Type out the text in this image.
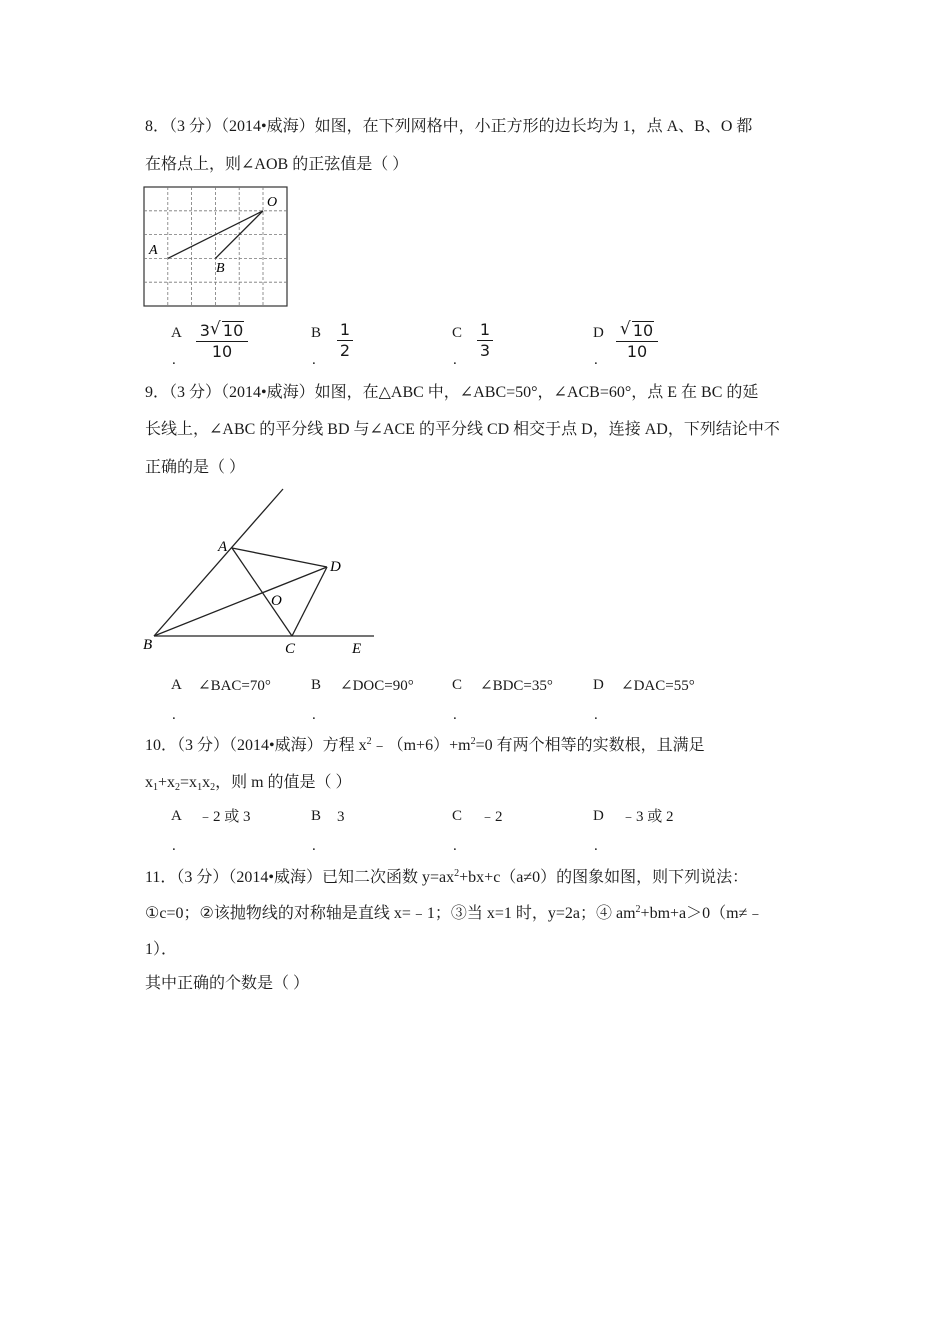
8．（3 分）（2014•威海）如图，在下列网格中，小正方形的边长均为 1，点 A、B、O 都
在格点上，则∠AOB 的正弦值是（ ）
O
A
B
A
.
3 √ 10
10
B
.
1
2
C
.
1
3
D
.
√ 10
10
9．（3 分）（2014•威海）如图，在△ABC 中，∠ABC=50°，∠ACB=60°，点 E 在 BC 的延
长线上，∠ABC 的平分线 BD 与∠ACE 的平分线 CD 相交于点 D，连接 AD，下列结论中不
正确的是（ ）
A
B	C
D
E
O
A
.
∠BAC=70°	B
.
∠DOC=90°	C
.
∠BDC=35°	D
.
∠DAC=55°
10．（3 分）（2014•威海）方程 $x^2﹣(m+6)+m^2=0$ 有两个相等的实数根，且满足
$x_1+x_2=x_1x_2$，则 m 的值是（ ）
A
.
﹣2 或 3	B
.
3	C
.
﹣2	D
.
﹣3 或 2
11．（3 分）（2014•威海）已知二次函数 $y=ax^2+bx+c(a\ne 0)$的图象如图，则下列说法：
①c=0；②该抛物线的对称轴是直线 x=﹣1；③当 x=1 时，y=2a；④ $am^2+bm+a>0(m\ne﹣$
1）．
其中正确的个数是（ ）
